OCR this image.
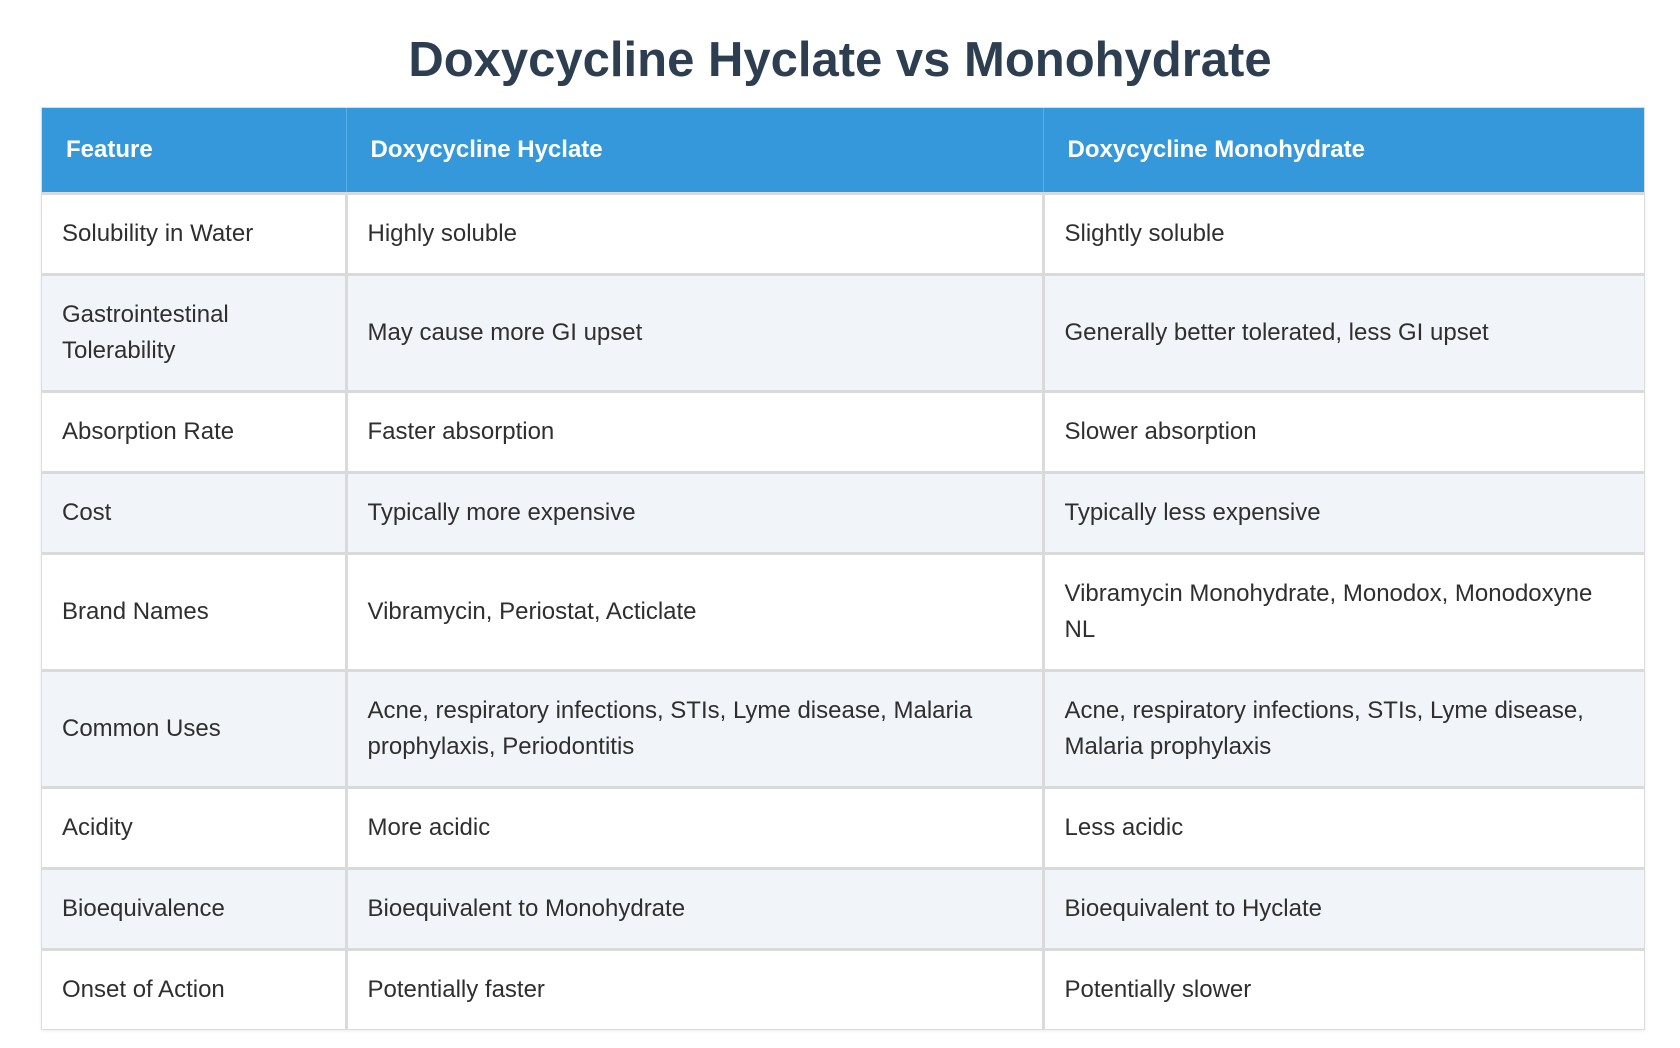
Doxycycline Hyclate vs Monohydrate
Feature	Doxycycline Hyclate	Doxycycline Monohydrate
Solubility in Water	Highly soluble	Slightly soluble
Gastrointestinal Tolerability	May cause more GI upset	Generally better tolerated, less GI upset
Absorption Rate	Faster absorption	Slower absorption
Cost	Typically more expensive	Typically less expensive
Brand Names	Vibramycin, Periostat, Acticlate	Vibramycin Monohydrate, Monodox, Monodoxyne NL
Common Uses	Acne, respiratory infections, STIs, Lyme disease, Malaria prophylaxis, Periodontitis	Acne, respiratory infections, STIs, Lyme disease, Malaria prophylaxis
Acidity	More acidic	Less acidic
Bioequivalence	Bioequivalent to Monohydrate	Bioequivalent to Hyclate
Onset of Action	Potentially faster	Potentially slower
